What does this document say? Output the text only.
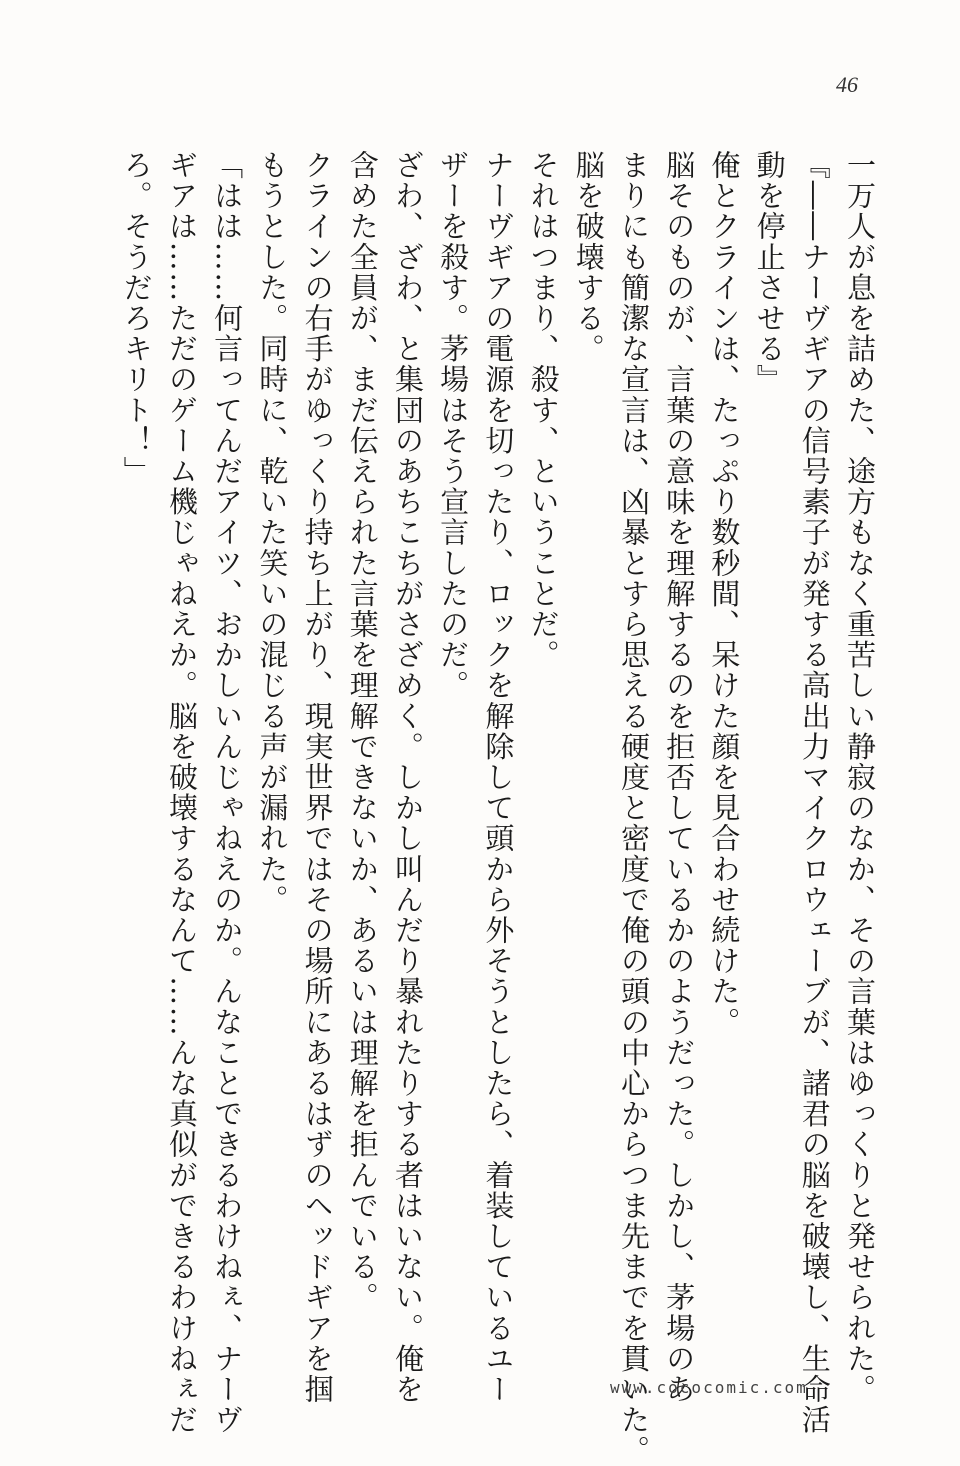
46
一万人が息を詰めた、途方もなく重苦しい静寂のなか、その言葉はゆっくりと発せられた。
『――ナーヴギアの信号素子が発する高出力マイクロウェーブが、諸君の脳を破壊し、生命活
動を停止させる』
俺とクラインは、たっぷり数秒間、呆けた顔を見合わせ続けた。
脳そのものが、言葉の意味を理解するのを拒否しているかのようだった。しかし、茅場のあ
まりにも簡潔な宣言は、凶暴とすら思える硬度と密度で俺の頭の中心からつま先までを貫いた。
脳を破壊する。
それはつまり、殺す、ということだ。
ナーヴギアの電源を切ったり、ロックを解除して頭から外そうとしたら、着装しているユー
ザーを殺す。茅場はそう宣言したのだ。
ざわ、ざわ、と集団のあちこちがさざめく。しかし叫んだり暴れたりする者はいない。俺を
含めた全員が、まだ伝えられた言葉を理解できないか、あるいは理解を拒んでいる。
クラインの右手がゆっくり持ち上がり、現実世界ではその場所にあるはずのヘッドギアを掴
もうとした。同時に、乾いた笑いの混じる声が漏れた。
「はは……何言ってんだアイツ、おかしいんじゃねえのか。んなことできるわけねぇ、ナーヴ
ギアは……ただのゲーム機じゃねえか。脳を破壊するなんて……んな真似ができるわけねぇだ
ろ。そうだろキリト！」
www.cococomic.com
